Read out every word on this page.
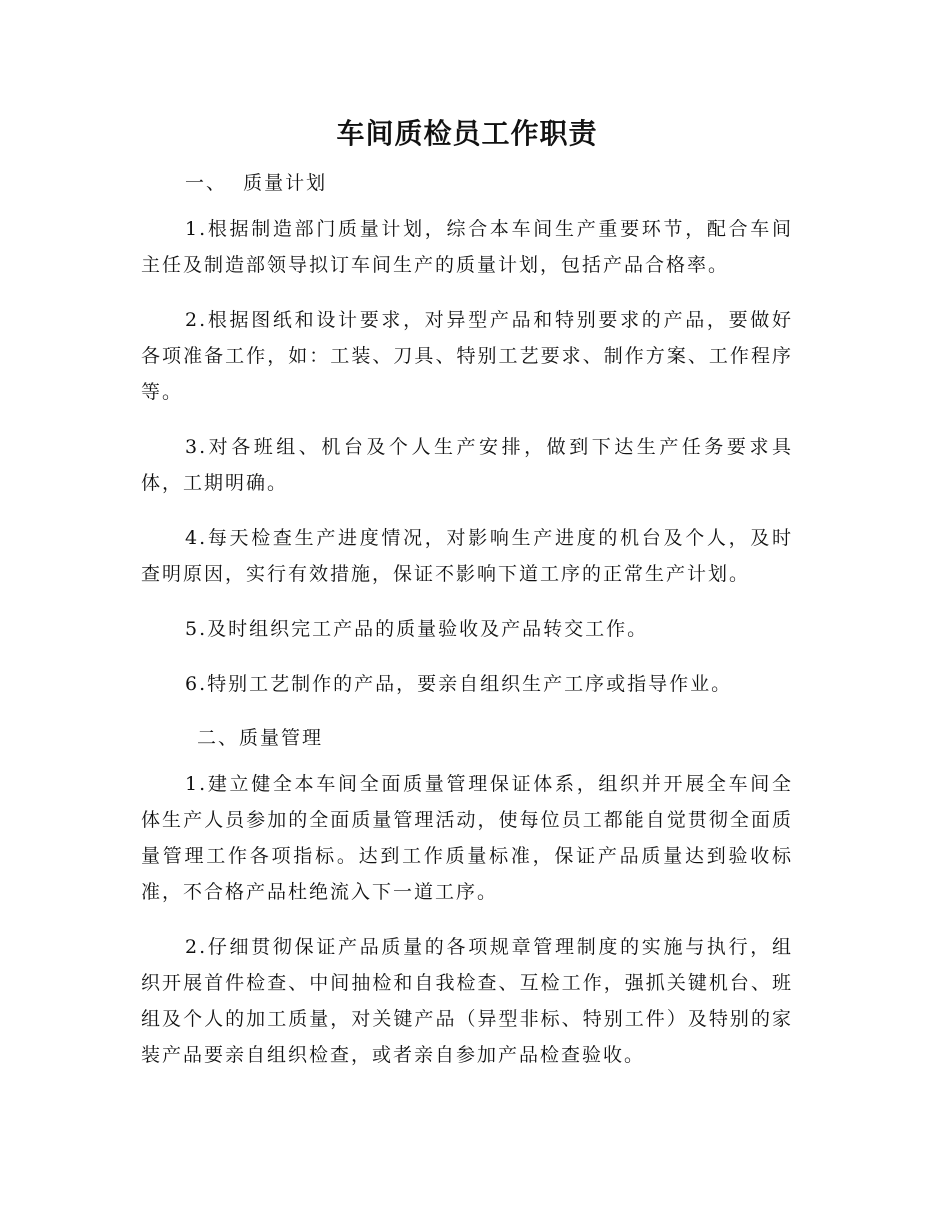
车间质检员工作职责
一、  质量计划

1.根据制造部门质量计划，综合本车间生产重要环节，配合车间主任及制造部领导拟订车间生产的质量计划，包括产品合格率。

2.根据图纸和设计要求，对异型产品和特别要求的产品，要做好各项准备工作，如：工装、刀具、特别工艺要求、制作方案、工作程序等。

3.对各班组、机台及个人生产安排，做到下达生产任务要求具体，工期明确。

4.每天检查生产进度情况，对影响生产进度的机台及个人，及时查明原因，实行有效措施，保证不影响下道工序的正常生产计划。

5.及时组织完工产品的质量验收及产品转交工作。

6.特别工艺制作的产品，要亲自组织生产工序或指导作业。

二、质量管理

1.建立健全本车间全面质量管理保证体系，组织并开展全车间全体生产人员参加的全面质量管理活动，使每位员工都能自觉贯彻全面质量管理工作各项指标。达到工作质量标准，保证产品质量达到验收标准，不合格产品杜绝流入下一道工序。

2.仔细贯彻保证产品质量的各项规章管理制度的实施与执行，组织开展首件检查、中间抽检和自我检查、互检工作，强抓关键机台、班组及个人的加工质量，对关键产品（异型非标、特别工件）及特别的家装产品要亲自组织检查，或者亲自参加产品检查验收。
